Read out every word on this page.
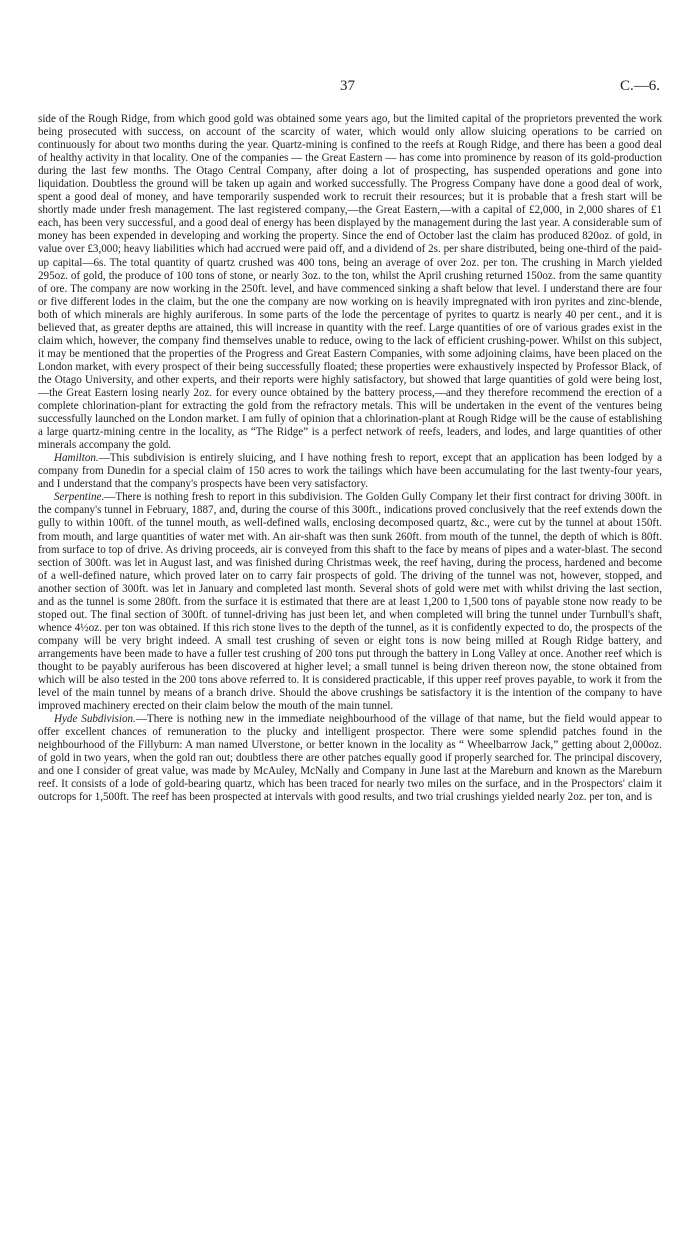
37	C.—6.

side of the Rough Ridge, from which good gold was obtained some years ago, but the limited capital of the proprietors prevented the work being prosecuted with success, on account of the scarcity of water, which would only allow sluicing operations to be carried on continuously for about two months during the year. Quartz-mining is confined to the reefs at Rough Ridge, and there has been a good deal of healthy activity in that locality. One of the companies — the Great Eastern — has come into prominence by reason of its gold-production during the last few months. The Otago Central Company, after doing a lot of prospecting, has suspended operations and gone into liquidation. Doubtless the ground will be taken up again and worked successfully. The Progress Company have done a good deal of work, spent a good deal of money, and have temporarily suspended work to recruit their resources; but it is probable that a fresh start will be shortly made under fresh management. The last registered company,—the Great Eastern,—with a capital of £2,000, in 2,000 shares of £1 each, has been very successful, and a good deal of energy has been displayed by the management during the last year. A considerable sum of money has been expended in developing and working the property. Since the end of October last the claim has produced 820oz. of gold, in value over £3,000; heavy liabilities which had accrued were paid off, and a dividend of 2s. per share distributed, being one-third of the paid-up capital—6s. The total quantity of quartz crushed was 400 tons, being an average of over 2oz. per ton. The crushing in March yielded 295oz. of gold, the produce of 100 tons of stone, or nearly 3oz. to the ton, whilst the April crushing returned 150oz. from the same quantity of ore. The company are now working in the 250ft. level, and have commenced sinking a shaft below that level. I understand there are four or five different lodes in the claim, but the one the company are now working on is heavily impregnated with iron pyrites and zinc-blende, both of which minerals are highly auriferous. In some parts of the lode the percentage of pyrites to quartz is nearly 40 per cent., and it is believed that, as greater depths are attained, this will increase in quantity with the reef. Large quantities of ore of various grades exist in the claim which, however, the company find themselves unable to reduce, owing to the lack of efficient crushing-power. Whilst on this subject, it may be mentioned that the properties of the Progress and Great Eastern Companies, with some adjoining claims, have been placed on the London market, with every prospect of their being successfully floated; these properties were exhaustively inspected by Professor Black, of the Otago University, and other experts, and their reports were highly satisfactory, but showed that large quantities of gold were being lost,—the Great Eastern losing nearly 2oz. for every ounce obtained by the battery process,—and they therefore recommend the erection of a complete chlorination-plant for extracting the gold from the refractory metals. This will be undertaken in the event of the ventures being successfully launched on the London market. I am fully of opinion that a chlorination-plant at Rough Ridge will be the cause of establishing a large quartz-mining centre in the locality, as “The Ridge” is a perfect network of reefs, leaders, and lodes, and large quantities of other minerals accompany the gold.

Hamilton.—This subdivision is entirely sluicing, and I have nothing fresh to report, except that an application has been lodged by a company from Dunedin for a special claim of 150 acres to work the tailings which have been accumulating for the last twenty-four years, and I understand that the company's prospects have been very satisfactory.

Serpentine.—There is nothing fresh to report in this subdivision. The Golden Gully Company let their first contract for driving 300ft. in the company's tunnel in February, 1887, and, during the course of this 300ft., indications proved conclusively that the reef extends down the gully to within 100ft. of the tunnel mouth, as well-defined walls, enclosing decomposed quartz, &c., were cut by the tunnel at about 150ft. from mouth, and large quantities of water met with. An air-shaft was then sunk 260ft. from mouth of the tunnel, the depth of which is 80ft. from surface to top of drive. As driving proceeds, air is conveyed from this shaft to the face by means of pipes and a water-blast. The second section of 300ft. was let in August last, and was finished during Christmas week, the reef having, during the process, hardened and become of a well-defined nature, which proved later on to carry fair prospects of gold. The driving of the tunnel was not, however, stopped, and another section of 300ft. was let in January and completed last month. Several shots of gold were met with whilst driving the last section, and as the tunnel is some 280ft. from the surface it is estimated that there are at least 1,200 to 1,500 tons of payable stone now ready to be stoped out. The final section of 300ft. of tunnel-driving has just been let, and when completed will bring the tunnel under Turnbull's shaft, whence 4½oz. per ton was obtained. If this rich stone lives to the depth of the tunnel, as it is confidently expected to do, the prospects of the company will be very bright indeed. A small test crushing of seven or eight tons is now being milled at Rough Ridge battery, and arrangements have been made to have a fuller test crushing of 200 tons put through the battery in Long Valley at once. Another reef which is thought to be payably auriferous has been discovered at higher level; a small tunnel is being driven thereon now, the stone obtained from which will be also tested in the 200 tons above referred to. It is considered practicable, if this upper reef proves payable, to work it from the level of the main tunnel by means of a branch drive. Should the above crushings be satisfactory it is the intention of the company to have improved machinery erected on their claim below the mouth of the main tunnel.

Hyde Subdivision.—There is nothing new in the immediate neighbourhood of the village of that name, but the field would appear to offer excellent chances of remuneration to the plucky and intelligent prospector. There were some splendid patches found in the neighbourhood of the Fillyburn: A man named Ulverstone, or better known in the locality as “ Wheelbarrow Jack,” getting about 2,000oz. of gold in two years, when the gold ran out; doubtless there are other patches equally good if properly searched for. The principal discovery, and one I consider of great value, was made by McAuley, McNally and Company in June last at the Mareburn and known as the Mareburn reef. It consists of a lode of gold-bearing quartz, which has been traced for nearly two miles on the surface, and in the Prospectors' claim it outcrops for 1,500ft. The reef has been prospected at intervals with good results, and two trial crushings yielded nearly 2oz. per ton, and is
